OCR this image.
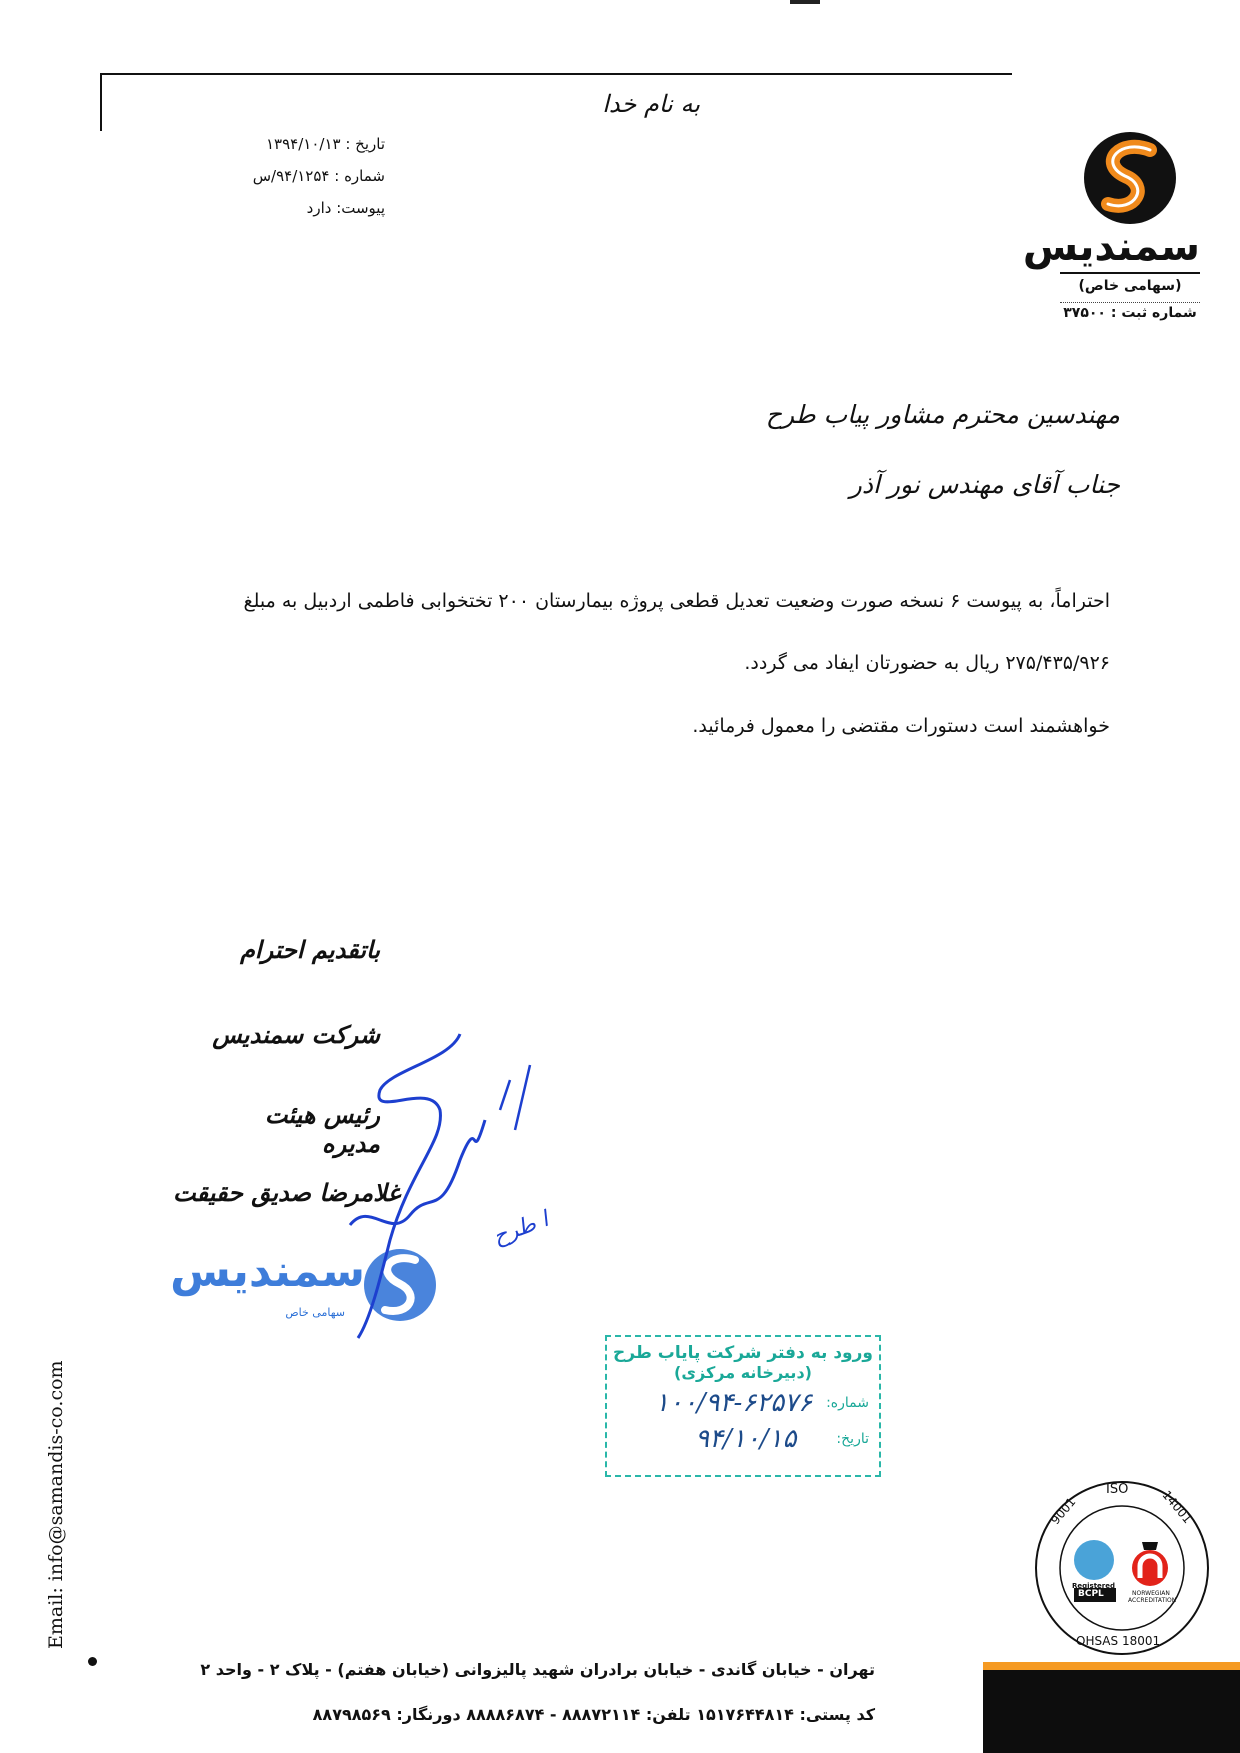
به نام خدا
تاریخ : ۱۳۹۴/۱۰/۱۳
شماره : ۹۴/۱۲۵۴/س
پیوست: دارد
سمندیس
(سهامی خاص)
شماره ثبت : ۳۷۵۰۰
مهندسین محترم مشاور پیاب طرح
جناب آقای مهندس نور آذر
احتراماً، به پیوست ۶ نسخه صورت وضعیت تعدیل قطعی پروژه بیمارستان ۲۰۰ تختخوابی فاطمی اردبیل به مبلغ
۲۷۵/۴۳۵/۹۲۶ ریال به حضورتان ایفاد می گردد.
خواهشمند است دستورات مقتضی را معمول فرمائید.
باتقدیم احترام
شرکت سمندیس
رئیس هیئت مدیره
غلامرضا صدیق حقیقت
سمندیس
سهامی خاص
ا طرح
ورود به دفتر شرکت پایاب طرح
(دبیرخانه مرکزی)
شماره:
۱۰۰/۹۴-۶۲۵۷۶
تاریخ:
۹۴/۱۰/۱۵
Email: info@samandis-co.com	9001
ISO	14001
OHSAS 18001
Registered
BCPL	NORWEGIAN
ACCREDITATION
تهران - خیابان گاندی - خیابان برادران شهید پالیزوانی (خیابان هفتم) - پلاک ۲ - واحد ۲
کد پستی: ۱۵۱۷۶۴۴۸۱۴ تلفن: ۸۸۸۷۲۱۱۴ - ۸۸۸۸۶۸۷۴ دورنگار: ۸۸۷۹۸۵۶۹
